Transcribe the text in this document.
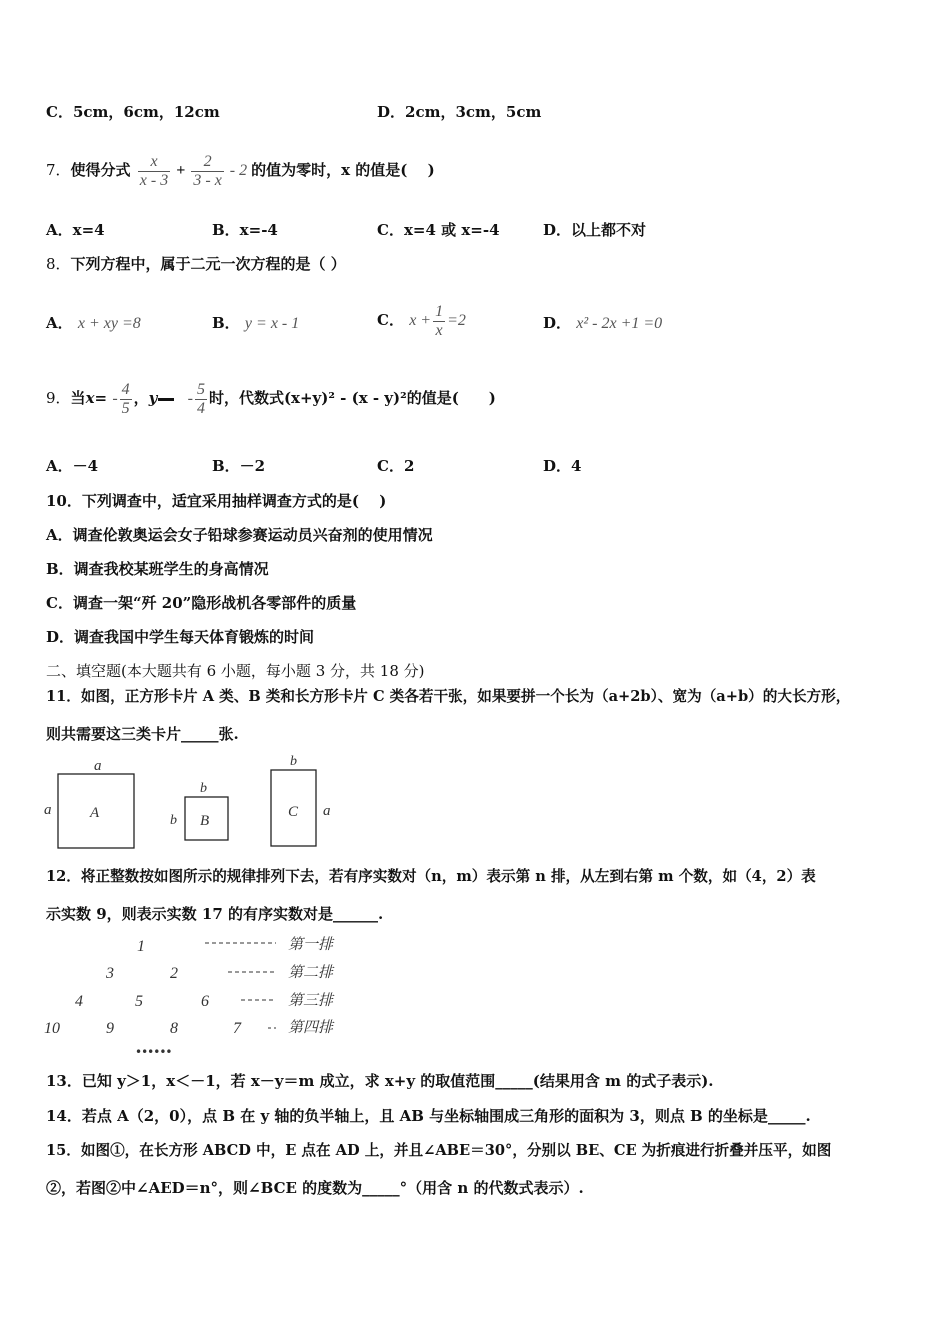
C．5cm，6cm，12cm	D．2cm，3cm，5cm
7．使得分式 $\frac{x}{x - 3} + \frac{2}{3 - x} - 2$ 的值为零时，x 的值是(　 )
A．x=4	B．x=-4	C．x=4 或 x=-4	D．以上都不对
8．下列方程中，属于二元一次方程的是（ ）
A． x + xy =8	B． y = x - 1	C． $x + \frac{1}{x} =2$	D． x² - 2x +1 =0
9．当$x= - \frac{4}{5}$ ，y - $\frac{5}{4}$ 时，代数式(x+y)² - (x - y)²的值是(　　)
A．－4	B．－2	C．2	D．4
10．下列调查中，适宜采用抽样调查方式的是(　 )
A．调查伦敦奥运会女子铅球参赛运动员兴奋剂的使用情况
B．调查我校某班学生的身高情况
C．调查一架“歼 20”隐形战机各零部件的质量
D．调查我国中学生每天体育锻炼的时间
二、填空题(本大题共有 6 小题，每小题 3 分，共 18 分)
11．如图，正方形卡片 A 类、B 类和长方形卡片 C 类各若干张，如果要拼一个长为（a+2b）、宽为（a+b）的大长方形，
则共需要这三类卡片_____张.
a
a	A
b
b B
b
a
C
12．将正整数按如图所示的规律排列下去，若有序实数对（n，m）表示第 n 排，从左到右第 m 个数，如（4，2）表
示实数 9，则表示实数 17 的有序实数对是______.
1
3	2
4	5	6
10	9	8	7
第一排
第二排
第三排
第四排
••••••
13．已知 y＞1，x＜－1，若 x－y＝m 成立，求 x+y 的取值范围_____(结果用含 m 的式子表示).
14．若点 A（2，0），点 B 在 y 轴的负半轴上，且 AB 与坐标轴围成三角形的面积为 3，则点 B 的坐标是_____.
15．如图①，在长方形 ABCD 中，E 点在 AD 上，并且∠ABE＝30°，分别以 BE、CE 为折痕进行折叠并压平，如图
②，若图②中∠AED＝n°，则∠BCE 的度数为_____°（用含 n 的代数式表示）.
